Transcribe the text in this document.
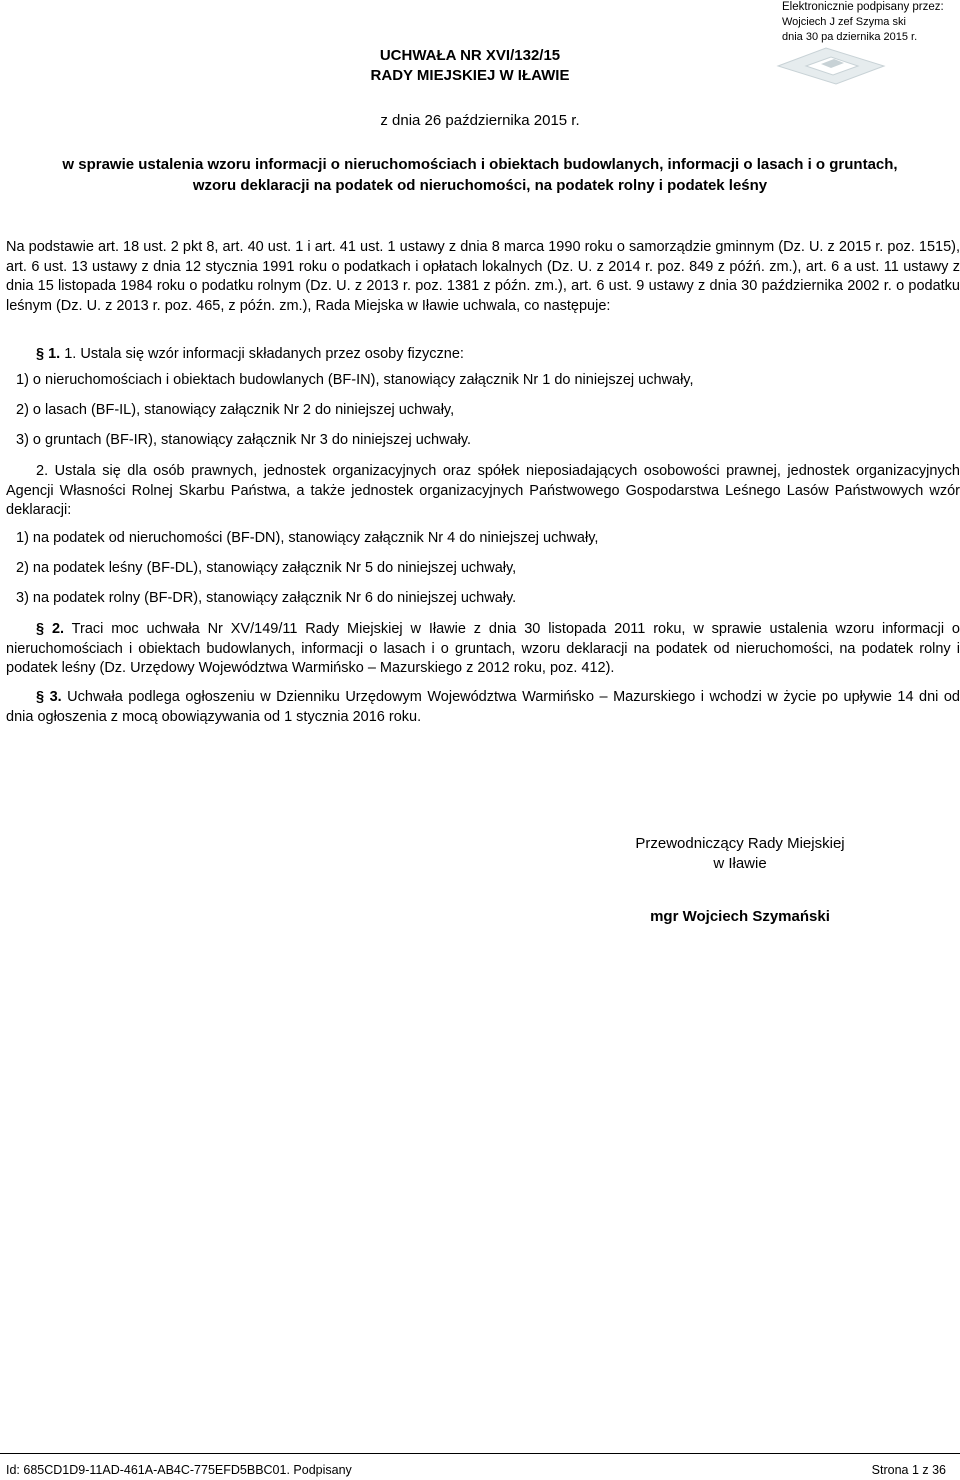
Elektronicznie podpisany przez:
Wojciech J zef Szyma ski
dnia 30 pa dziernika 2015 r.
UCHWAŁA NR XVI/132/15
RADY MIEJSKIEJ W IŁAWIE
z dnia 26 października 2015 r.
w sprawie ustalenia wzoru informacji o nieruchomościach i obiektach budowlanych, informacji o lasach i o gruntach,
wzoru deklaracji na podatek od nieruchomości, na podatek rolny i podatek leśny

Na podstawie art. 18 ust. 2 pkt 8, art. 40 ust. 1 i art. 41 ust. 1 ustawy z dnia 8 marca 1990 roku o samorządzie gminnym (Dz. U. z 2015 r. poz. 1515), art. 6 ust. 13 ustawy z dnia 12 stycznia 1991 roku o podatkach i opłatach lokalnych (Dz. U. z 2014 r. poz. 849 z późń. zm.), art. 6 a ust. 11 ustawy z dnia 15 listopada 1984 roku o podatku rolnym (Dz. U. z 2013 r. poz. 1381 z późn. zm.), art. 6 ust. 9 ustawy z dnia 30 października 2002 r. o podatku leśnym (Dz. U. z 2013 r. poz. 465, z późn. zm.), Rada Miejska w Iławie uchwala, co następuje:

§ 1. 1. Ustala się wzór informacji składanych przez osoby fizyczne:
1) o nieruchomościach i obiektach budowlanych (BF-IN), stanowiący załącznik Nr 1 do niniejszej uchwały,
2) o lasach (BF-IL), stanowiący załącznik Nr 2 do niniejszej uchwały,
3) o gruntach (BF-IR), stanowiący załącznik Nr 3 do niniejszej uchwały.

2. Ustala się dla osób prawnych, jednostek organizacyjnych oraz spółek nieposiadających osobowości prawnej, jednostek organizacyjnych Agencji Własności Rolnej Skarbu Państwa, a także jednostek organizacyjnych Państwowego Gospodarstwa Leśnego Lasów Państwowych wzór deklaracji:

1) na podatek od nieruchomości (BF-DN), stanowiący załącznik Nr 4 do niniejszej uchwały,
2) na podatek leśny (BF-DL), stanowiący załącznik Nr 5 do niniejszej uchwały,
3) na podatek rolny (BF-DR), stanowiący załącznik Nr 6 do niniejszej uchwały.

§ 2. Traci moc uchwała Nr XV/149/11 Rady Miejskiej w Iławie z dnia 30 listopada 2011 roku, w sprawie ustalenia wzoru informacji o nieruchomościach i obiektach budowlanych, informacji o lasach i o gruntach, wzoru deklaracji na podatek od nieruchomości, na podatek rolny i podatek leśny (Dz. Urzędowy Województwa Warmińsko – Mazurskiego z 2012 roku, poz. 412).

§ 3. Uchwała podlega ogłoszeniu w Dzienniku Urzędowym Województwa Warmińsko – Mazurskiego i wchodzi w życie po upływie 14 dni od dnia ogłoszenia z mocą obowiązywania od 1 stycznia 2016 roku.

Przewodniczący Rady Miejskiej
w Iławie
mgr Wojciech Szymański
Id: 685CD1D9-11AD-461A-AB4C-775EFD5BBC01. Podpisany	Strona 1 z 36
